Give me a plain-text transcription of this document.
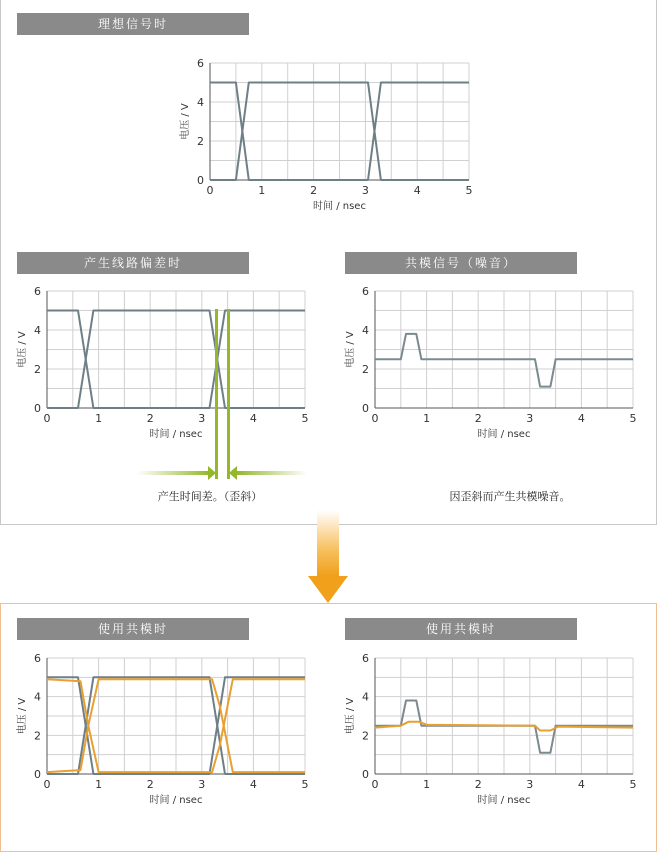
理想信号时
产生线路偏差时	共模信号（噪音）
使用共模时	使用共模时
0	1	2	3	4	5
0
2
4
6
时间 / nsec
电压 / V
0	1	2	3	4	5
0
2
4
6
时间 / nsec
电压 / V
0	1	2	3	4	5
0
2
4
6
时间 / nsec
电压 / V
0	1	2	3	4	5
0
2
4
6
时间 / nsec
电压 / V
0	1	2	3	4	5
0
2
4
6
时间 / nsec
电压 / V
产生时间差。（歪斜）	因歪斜而产生共模噪音。
